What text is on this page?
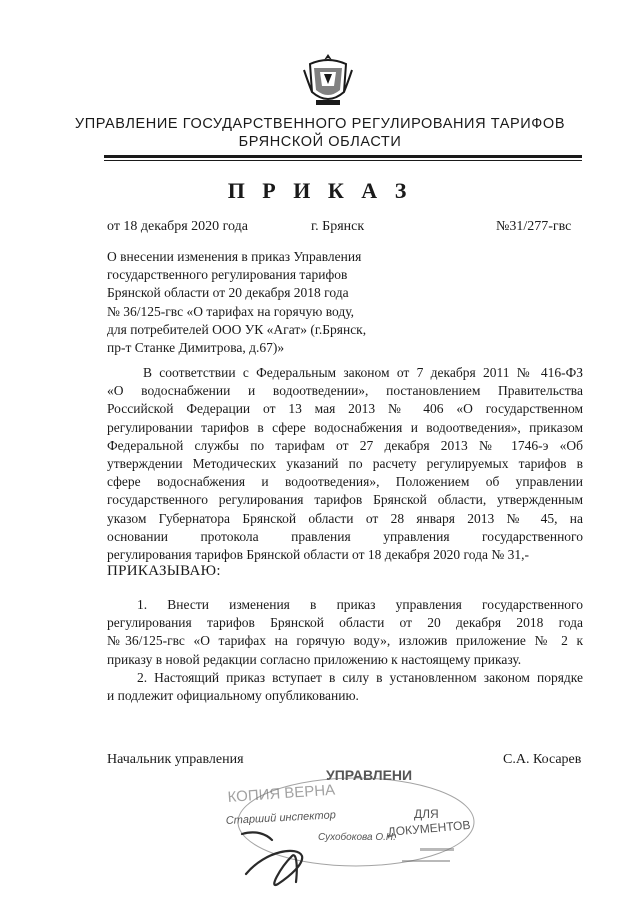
УПРАВЛЕНИЕ ГОСУДАРСТВЕННОГО РЕГУЛИРОВАНИЯ ТАРИФОВ
БРЯНСКОЙ ОБЛАСТИ
П Р И К А З
от 18 декабря 2020 года	г. Брянск	№31/277-гвс
О внесении изменения в приказ Управления
государственного регулирования тарифов
Брянской области от 20 декабря 2018 года
№ 36/125-гвс «О тарифах на горячую воду,
для потребителей ООО УК «Агат» (г.Брянск,
пр-т Станке Димитрова, д.67)»
В соответствии с Федеральным законом от 7 декабря 2011 № 416-ФЗ
«О водоснабжении и водоотведении», постановлением Правительства
Российской Федерации от 13 мая 2013 № 406 «О государственном
регулировании тарифов в сфере водоснабжения и водоотведения», приказом
Федеральной службы по тарифам от 27 декабря 2013 № 1746-э «Об
утверждении Методических указаний по расчету регулируемых тарифов в
сфере водоснабжения и водоотведения», Положением об управлении
государственного регулирования тарифов Брянской области, утвержденным
указом Губернатора Брянской области от 28 января 2013 № 45, на
основании протокола правления управления государственного
регулирования тарифов Брянской области от 18 декабря 2020 года № 31,-
ПРИКАЗЫВАЮ:
1. Внести изменения в приказ управления государственного
регулирования тарифов Брянской области от 20 декабря 2018 года
№36/125-гвс «О тарифах на горячую воду», изложив приложение № 2 к
приказу в новой редакции согласно приложению к настоящему приказу.
2. Настоящий приказ вступает в силу в установленном законом порядке
и подлежит официальному опубликованию.
Начальник управления	С.А. Косарев
УПРАВЛЕНИ
КОПИЯ ВЕРНА
Старший инспектор
Сухобокова О.Н.
ДЛЯ
ДОКУМЕНТОВ
